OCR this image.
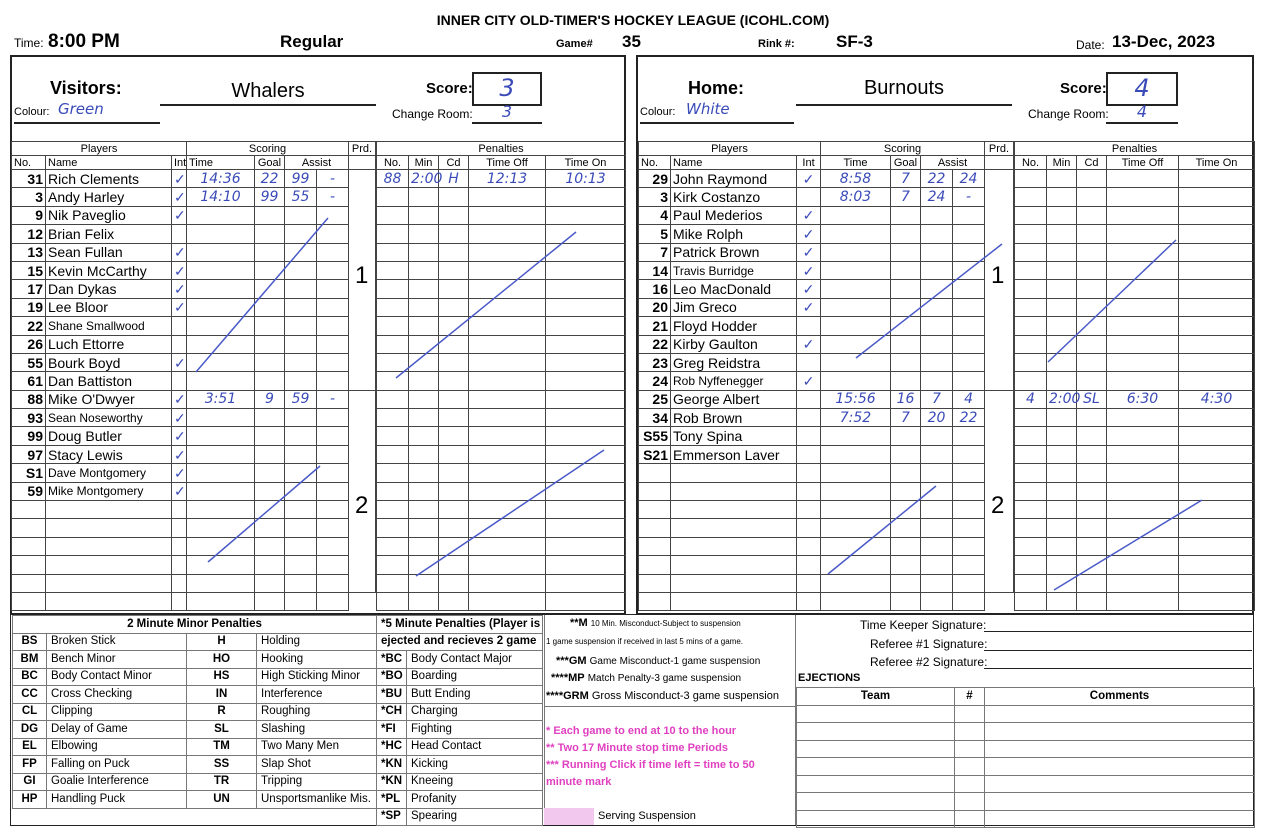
INNER CITY OLD-TIMER'S HOCKEY LEAGUE (ICOHL.COM)
Time: 8:00 PM	Regular	Game# 35	Rink #: SF-3	Date: 13-Dec, 2023
Visitors:
Colour: Green
Whalers	Score:	3
Change Room:	3
Home:
Colour: White
Burnouts	Score:	4
Change Room:	4
Players		
No.	Name	Int
31	Rich Clements	✓
3	Andy Harley	✓
9	Nik Paveglio	✓
12	Brian Felix	
13	Sean Fullan	✓
15	Kevin McCarthy	✓
17	Dan Dykas	✓
19	Lee Bloor	✓
22	Shane Smallwood	
26	Luch Ettorre	
55	Bourk Boyd	✓
61	Dan Battiston	
88	Mike O'Dwyer	✓
93	Sean Noseworthy	✓
99	Doug Butler	✓
97	Stacy Lewis	✓
S1	Dave Montgomery	✓
59	Mike Montgomery	✓

Scoring			
Time	Goal	Assist	
14:36	22	99	-
14:10	99	55	-

3:51	9	59	-

Prd.
	Penalties				
No.	Min	Cd	Time Off	Time On
88	2:00	H	12:13	10:13

Players		
No.	Name	Int
29	John Raymond	✓
3	Kirk Costanzo	
4	Paul Mederios	✓
5	Mike Rolph	✓
7	Patrick Brown	✓
14	Travis Burridge	✓
16	Leo MacDonald	✓
20	Jim Greco	✓
21	Floyd Hodder	
22	Kirby Gaulton	✓
23	Greg Reidstra	
24	Rob Nyffenegger	✓
25	George Albert	
34	Rob Brown	
S55	Tony Spina	
S21	Emmerson Laver	

Scoring			
Time	Goal	Assist	
8:58	7	22	24
8:03	7	24	-

15:56	16	7	4
7:52	7	20	22

Prd.
	Penalties				
No.	Min	Cd	Time Off	Time On

4	2:00	SL	6:30	4:30

1
2
1
2
2 Minute Minor Penalties			
BS	Broken Stick	H	Holding
BM	Bench Minor	HO	Hooking
BC	Body Contact Minor	HS	High Sticking Minor
CC	Cross Checking	IN	Interference
CL	Clipping	R	Roughing
DG	Delay of Game	SL	Slashing
EL	Elbowing	TM	Two Many Men
FP	Falling on Puck	SS	Slap Shot
GI	Goalie Interference	TR	Tripping
HP	Handling Puck	UN	Unsportsmanlike Mis.
*5 Minute Penalties (Player is	
ejected and recieves 2 game	
*BC	Body Contact Major
*BO	Boarding
*BU	Butt Ending
*CH	Charging
*FI	Fighting
*HC	Head Contact
*KN	Kicking
*KN	Kneeing
*PL	Profanity
*SP	Spearing
**M 10 Min. Misconduct-Subject to suspension
1 game suspension if received in last 5 mins of a game.
***GM Game Misconduct-1 game suspension
****MP Match Penalty-3 game suspension
****GRM Gross Misconduct-3 game suspension
* Each game to end at 10 to the hour
** Two 17 Minute stop time Periods
*** Running Click if time left = time to 50
minute mark
Serving Suspension
Time Keeper Signature:
Referee #1 Signature:
Referee #2 Signature:
EJECTIONS
Team	#	Comments
